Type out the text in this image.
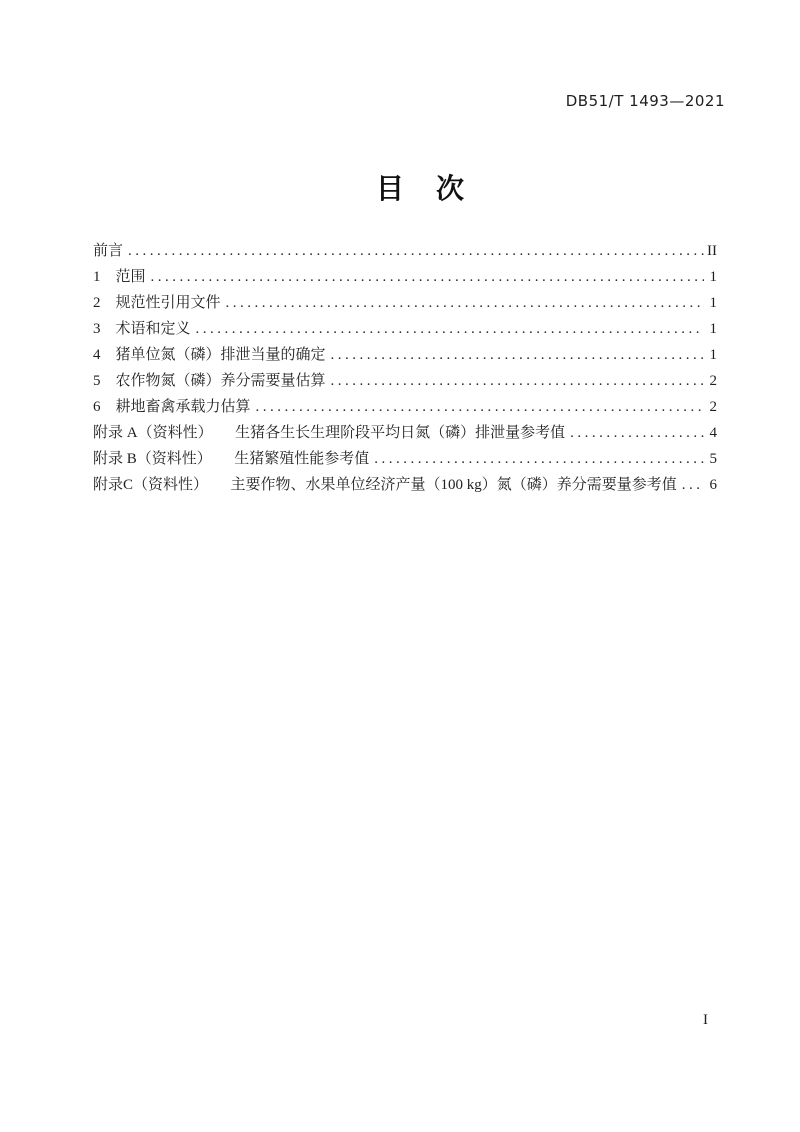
DB51/T 1493—2021
目　次
前言 .....	II
1　范围 .....	1
2　规范性引用文件 .....	1
3　术语和定义 .....	1
4　猪单位氮（磷）排泄当量的确定 .....	1
5　农作物氮（磷）养分需要量估算 .....	2
6　耕地畜禽承载力估算 .....	2
附录 A（资料性）　　生猪各生长生理阶段平均日氮（磷）排泄量参考值 .....	4
附录 B（资料性）　　生猪繁殖性能参考值 .....	5
附录C（资料性）　　主要作物、水果单位经济产量（100 kg）氮（磷）养分需要量参考值 ..... 6
I
